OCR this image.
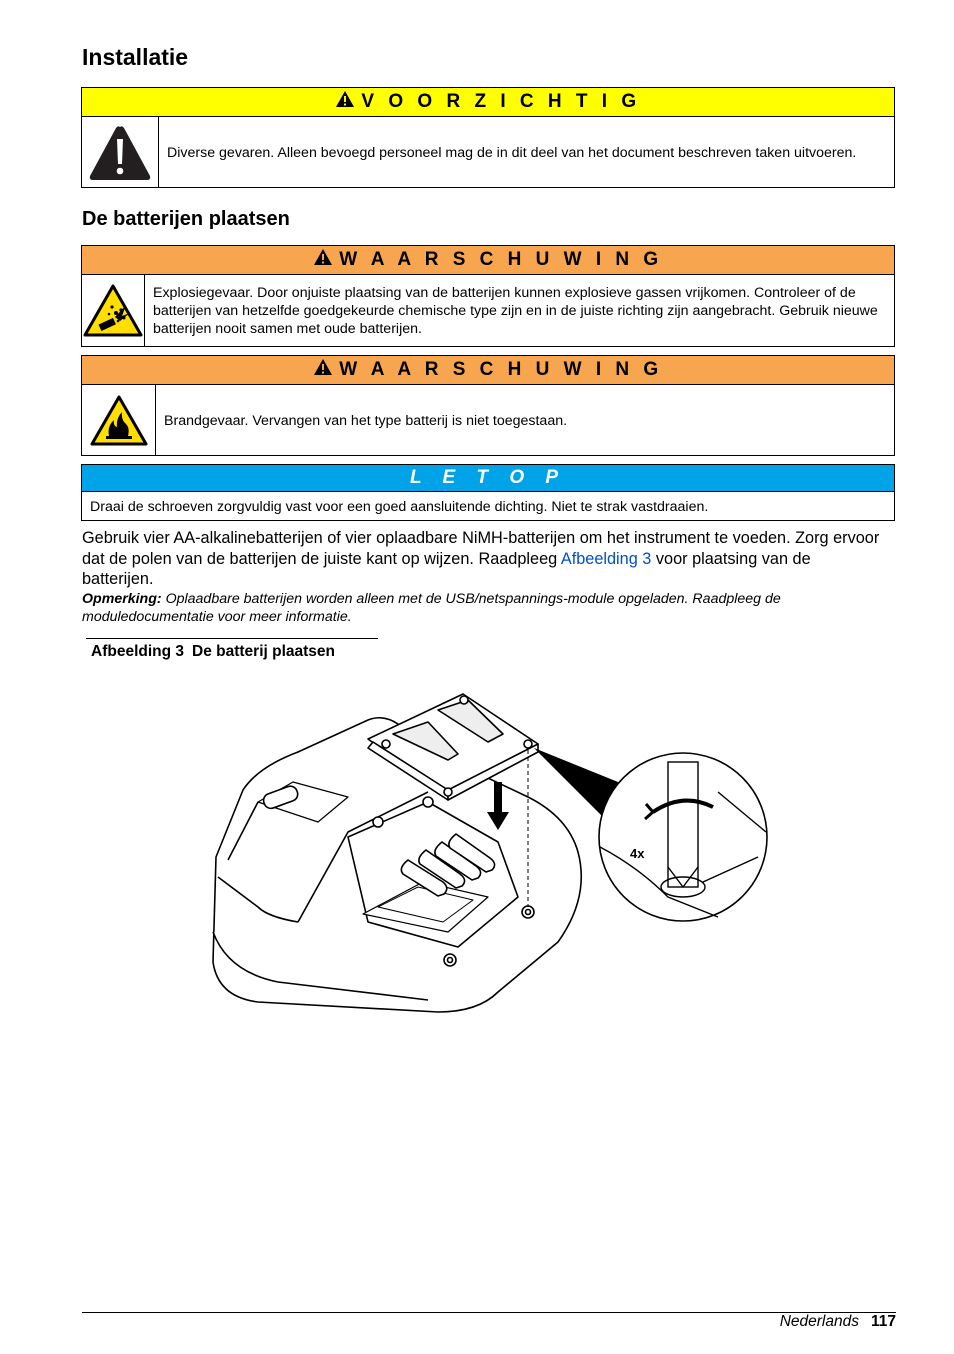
Installatie
V O O R Z I C H T I G
Diverse gevaren. Alleen bevoegd personeel mag de in dit deel van het document beschreven taken uitvoeren.
De batterijen plaatsen
W A A R S C H U W I N G
Explosiegevaar. Door onjuiste plaatsing van de batterijen kunnen explosieve gassen vrijkomen. Controleer of de batterijen van hetzelfde goedgekeurde chemische type zijn en in de juiste richting zijn aangebracht. Gebruik nieuwe batterijen nooit samen met oude batterijen.
W A A R S C H U W I N G
Brandgevaar. Vervangen van het type batterij is niet toegestaan.
L E T O P
Draai de schroeven zorgvuldig vast voor een goed aansluitende dichting. Niet te strak vastdraaien.

Gebruik vier AA-alkalinebatterijen of vier oplaadbare NiMH-batterijen om het instrument te voeden. Zorg ervoor dat de polen van de batterijen de juiste kant op wijzen. Raadpleeg Afbeelding 3 voor plaatsing van de batterijen.

Opmerking: Oplaadbare batterijen worden alleen met de USB/netspannings-module opgeladen. Raadpleeg de moduledocumentatie voor meer informatie.

Afbeelding 3 De batterij plaatsen
4x
Nederlands 117
